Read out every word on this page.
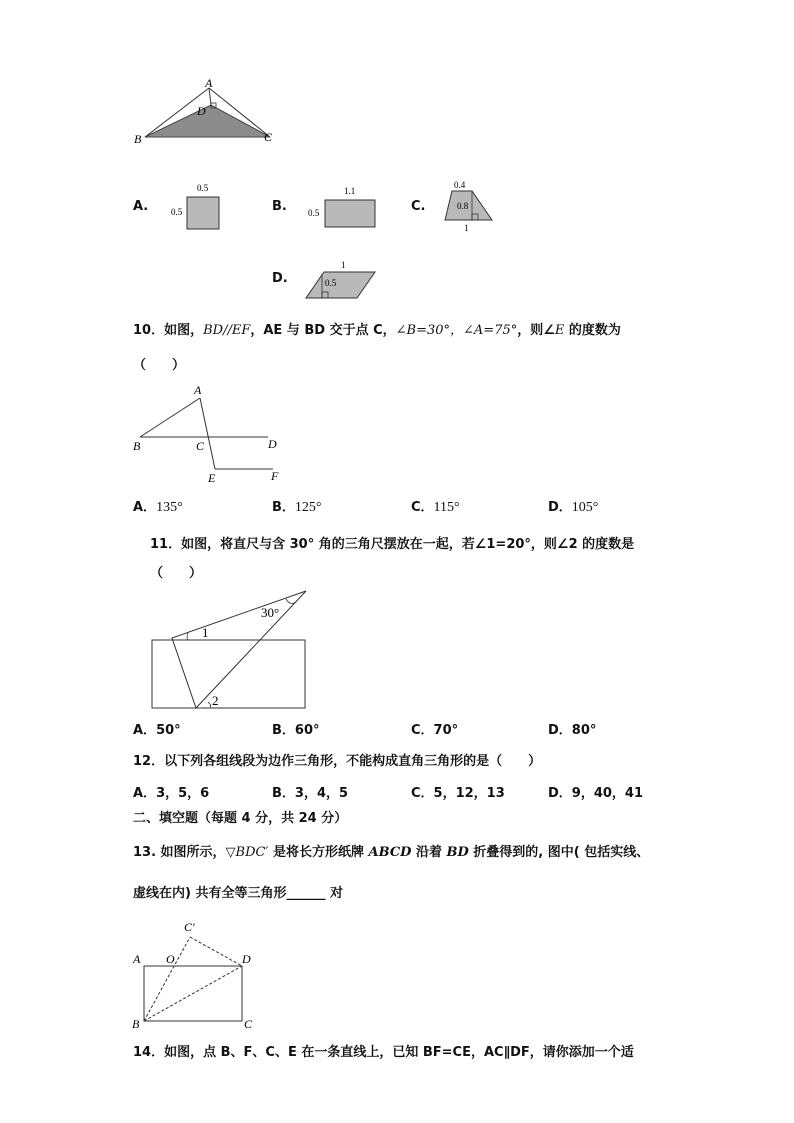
A
D
B	C
A.
0.5
0.5	B.
1.1
0.5	C.
0.4
0.8
1
D.
1
0.5
10．如图，BD//EF，AE 与 BD 交于点 C，∠B=30°，∠A=75°，则∠E 的度数为
（　　）
A
B	C	D
E	F
A．135°	B．125°	C．115°	D．105°
11．如图，将直尺与含 30° 角的三角尺摆放在一起，若∠1=20°，则∠2 的度数是
（　　）
30°
1
2
A．50°	B．60°	C．70°	D．80°
12．以下列各组线段为边作三角形，不能构成直角三角形的是（　　）
A．3，5，6	B．3，4，5	C．5，12，13	D．9，40，41
二、填空题（每题 4 分，共 24 分）
13. 如图所示，▽BDC′ 是将长方形纸牌 ABCD 沿着 BD 折叠得到的, 图中( 包括实线、
虚线在内) 共有全等三角形______ 对
C′
A O	D
B	C
14．如图，点 B、F、C、E 在一条直线上，已知 BF=CE，AC∥DF，请你添加一个适
